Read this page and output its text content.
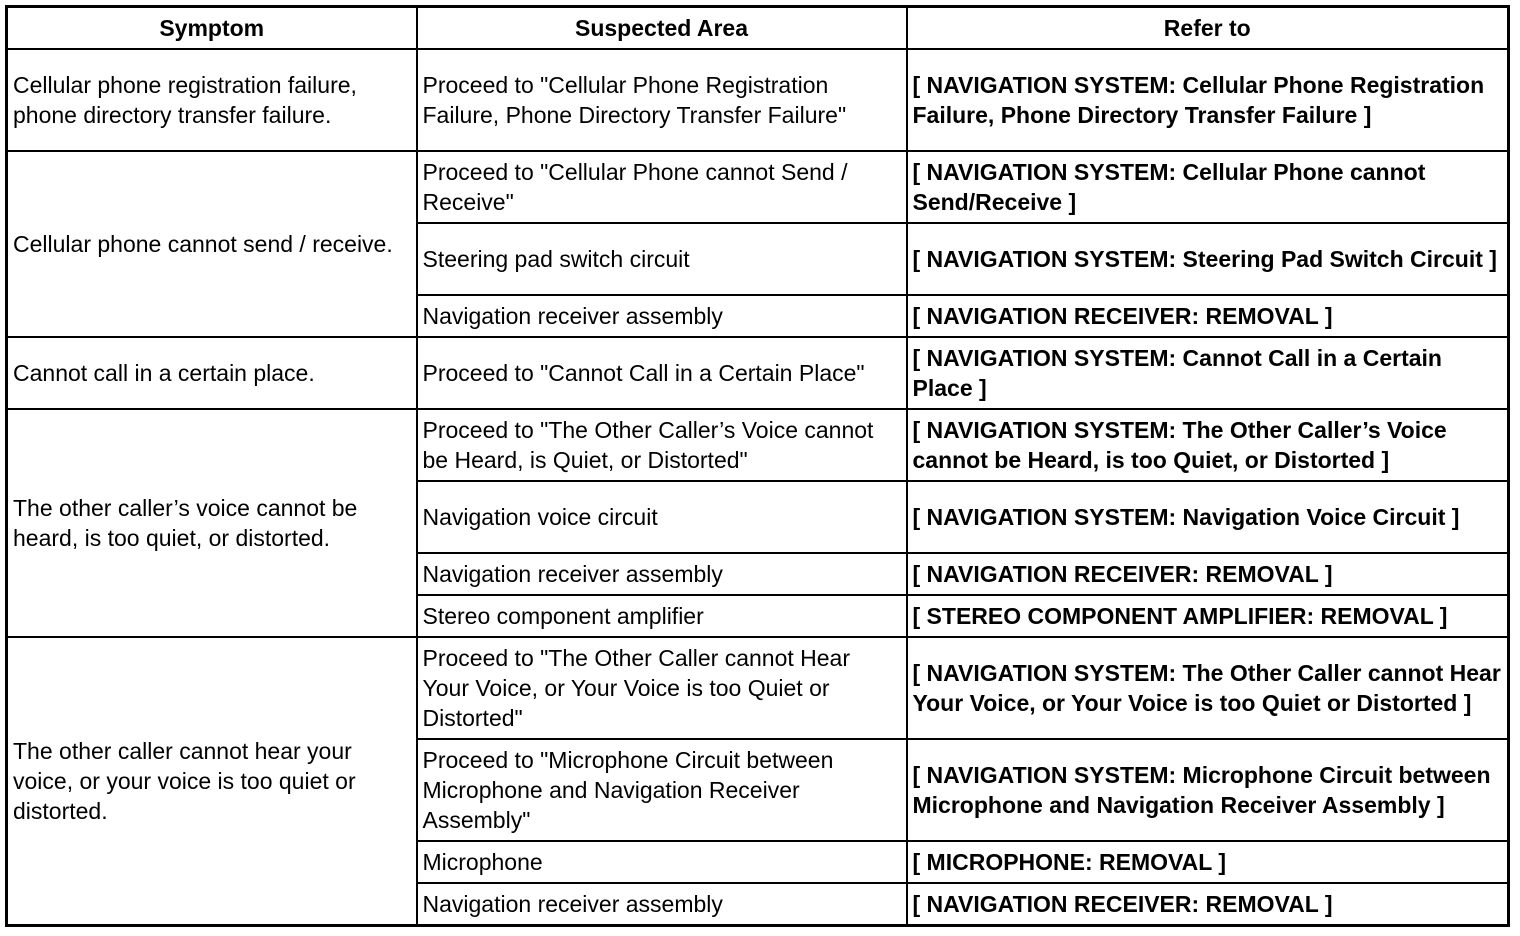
Symptom	Suspected Area	Refer to
Cellular phone registration failure, phone directory transfer failure.	Proceed to "Cellular Phone Registration Failure, Phone Directory Transfer Failure"	[ NAVIGATION SYSTEM: Cellular Phone Registration Failure, Phone Directory Transfer Failure ]
Cellular phone cannot send / receive.	Proceed to "Cellular Phone cannot Send / Receive"	[ NAVIGATION SYSTEM: Cellular Phone cannot Send/Receive ]
	Steering pad switch circuit	[ NAVIGATION SYSTEM: Steering Pad Switch Circuit ]
	Navigation receiver assembly	[ NAVIGATION RECEIVER: REMOVAL ]
Cannot call in a certain place.	Proceed to "Cannot Call in a Certain Place"	[ NAVIGATION SYSTEM: Cannot Call in a Certain Place ]
The other caller’s voice cannot be heard, is too quiet, or distorted.	Proceed to "The Other Caller’s Voice cannot be Heard, is Quiet, or Distorted"	[ NAVIGATION SYSTEM: The Other Caller’s Voice cannot be Heard, is too Quiet, or Distorted ]
	Navigation voice circuit	[ NAVIGATION SYSTEM: Navigation Voice Circuit ]
	Navigation receiver assembly	[ NAVIGATION RECEIVER: REMOVAL ]
	Stereo component amplifier	[ STEREO COMPONENT AMPLIFIER: REMOVAL ]
The other caller cannot hear your voice, or your voice is too quiet or distorted.	Proceed to "The Other Caller cannot Hear Your Voice, or Your Voice is too Quiet or Distorted"	[ NAVIGATION SYSTEM: The Other Caller cannot Hear Your Voice, or Your Voice is too Quiet or Distorted ]
	Proceed to "Microphone Circuit between Microphone and Navigation Receiver Assembly"	[ NAVIGATION SYSTEM: Microphone Circuit between Microphone and Navigation Receiver Assembly ]
	Microphone	[ MICROPHONE: REMOVAL ]
	Navigation receiver assembly	[ NAVIGATION RECEIVER: REMOVAL ]
